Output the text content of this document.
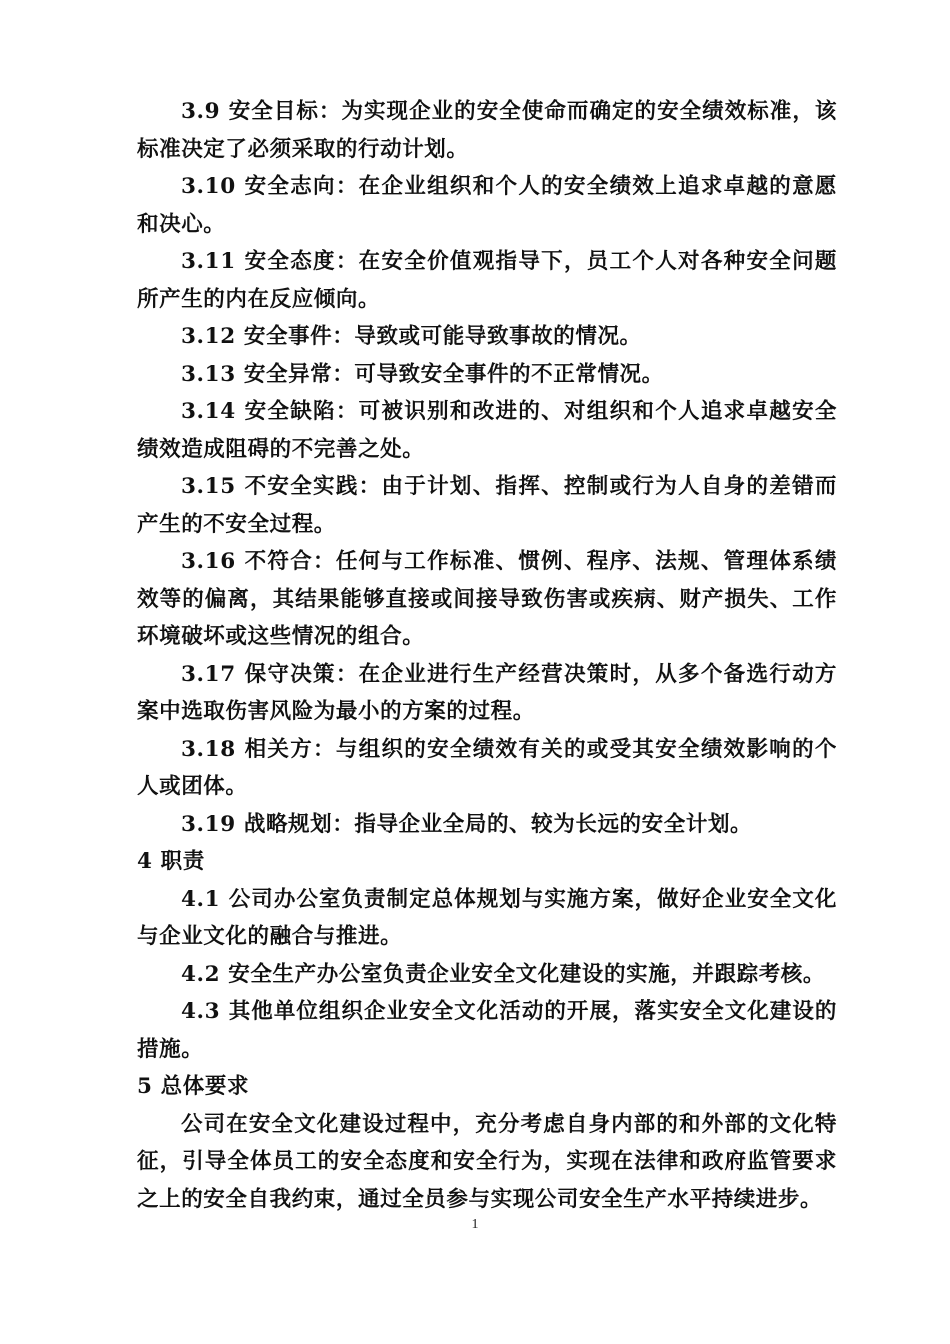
3.9 安全目标：为实现企业的安全使命而确定的安全绩效标准，该标准决定了必须采取的行动计划。

3.10 安全志向：在企业组织和个人的安全绩效上追求卓越的意愿和决心。

3.11 安全态度：在安全价值观指导下，员工个人对各种安全问题所产生的内在反应倾向。

3.12 安全事件：导致或可能导致事故的情况。

3.13 安全异常：可导致安全事件的不正常情况。

3.14 安全缺陷：可被识别和改进的、对组织和个人追求卓越安全绩效造成阻碍的不完善之处。

3.15 不安全实践：由于计划、指挥、控制或行为人自身的差错而产生的不安全过程。

3.16 不符合：任何与工作标准、惯例、程序、法规、管理体系绩效等的偏离，其结果能够直接或间接导致伤害或疾病、财产损失、工作环境破坏或这些情况的组合。

3.17 保守决策：在企业进行生产经营决策时，从多个备选行动方案中选取伤害风险为最小的方案的过程。

3.18 相关方：与组织的安全绩效有关的或受其安全绩效影响的个人或团体。

3.19 战略规划：指导企业全局的、较为长远的安全计划。

4 职责

4.1 公司办公室负责制定总体规划与实施方案，做好企业安全文化与企业文化的融合与推进。

4.2 安全生产办公室负责企业安全文化建设的实施，并跟踪考核。

4.3 其他单位组织企业安全文化活动的开展，落实安全文化建设的措施。

5 总体要求

公司在安全文化建设过程中，充分考虑自身内部的和外部的文化特征，引导全体员工的安全态度和安全行为，实现在法律和政府监管要求之上的安全自我约束，通过全员参与实现公司安全生产水平持续进步。

1
